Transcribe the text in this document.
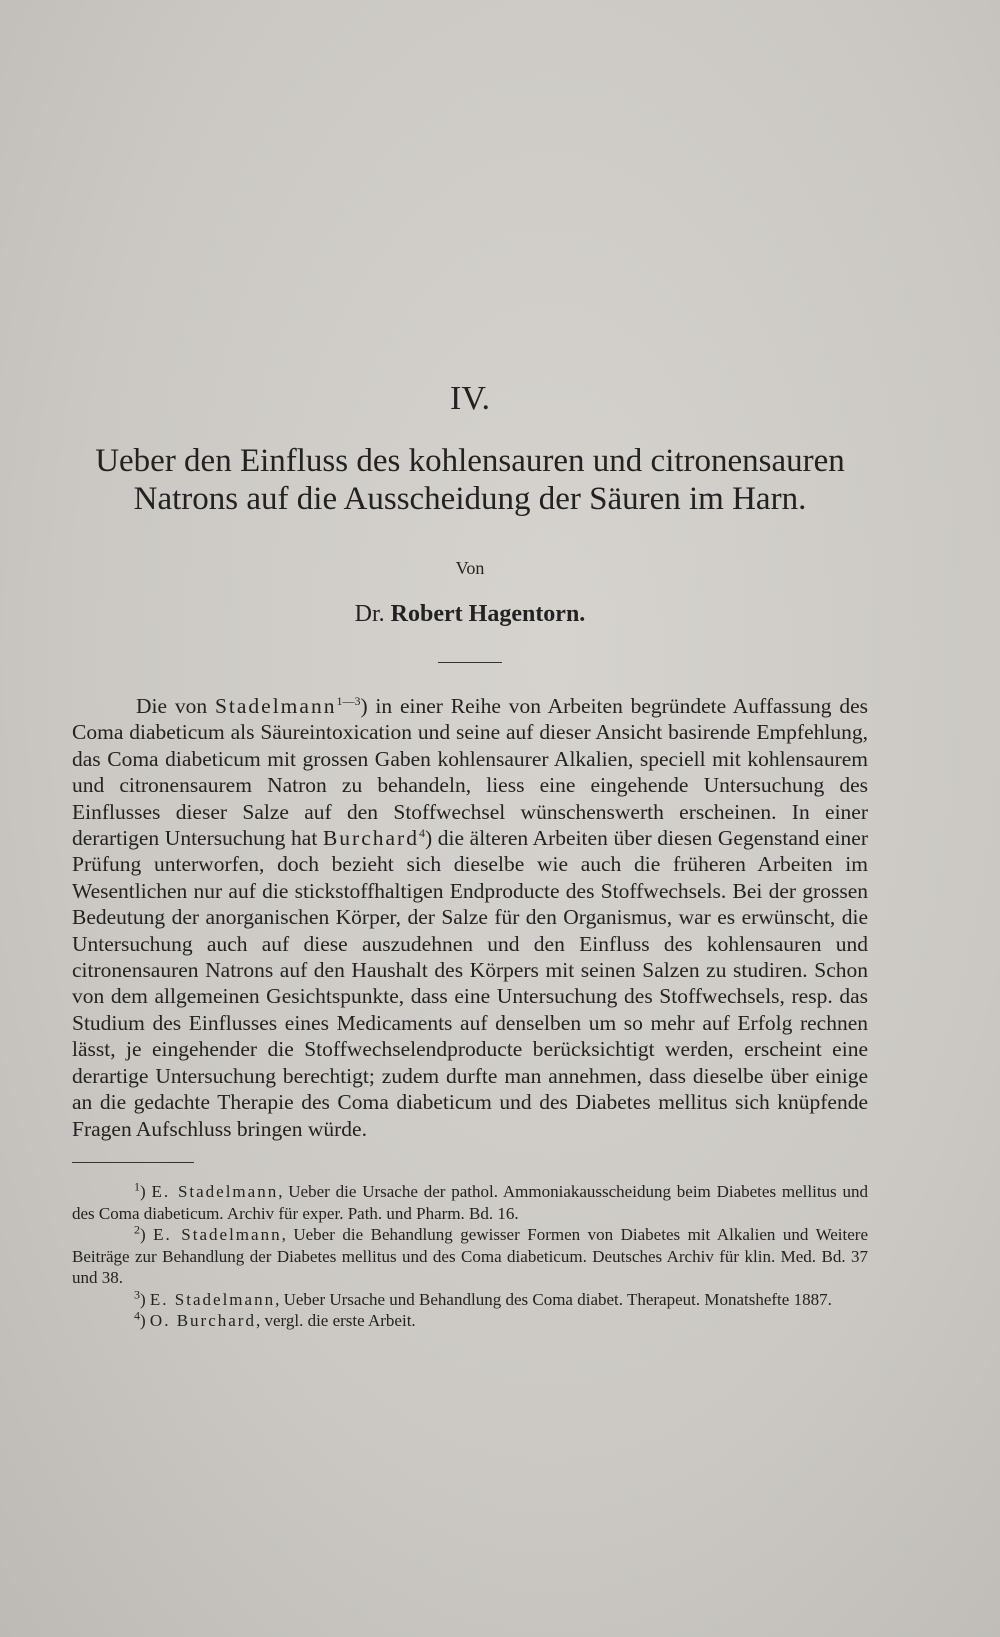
IV.
Ueber den Einfluss des kohlensauren und citronensauren
Natrons auf die Ausscheidung der Säuren im Harn.
Von
Dr. Robert Hagentorn.

Die von Stadelmann$^{1—3}$) in einer Reihe von Arbeiten begründete Auffassung des Coma diabeticum als Säureintoxication und seine auf dieser Ansicht basirende Empfehlung, das Coma diabeticum mit grossen Gaben kohlensaurer Alkalien, speciell mit kohlensaurem und citronensaurem Natron zu behandeln, liess eine eingehende Untersuchung des Einflusses dieser Salze auf den Stoffwechsel wünschenswerth erscheinen. In einer derartigen Untersuchung hat Burchard$^4$) die älteren Arbeiten über diesen Gegenstand einer Prüfung unterworfen, doch bezieht sich dieselbe wie auch die früheren Arbeiten im Wesentlichen nur auf die stickstoffhaltigen Endproducte des Stoffwechsels. Bei der grossen Bedeutung der anorganischen Körper, der Salze für den Organismus, war es erwünscht, die Untersuchung auch auf diese auszudehnen und den Einfluss des kohlensauren und citronensauren Natrons auf den Haushalt des Körpers mit seinen Salzen zu studiren. Schon von dem allgemeinen Gesichtspunkte, dass eine Untersuchung des Stoffwechsels, resp. das Studium des Einflusses eines Medicaments auf denselben um so mehr auf Erfolg rechnen lässt, je eingehender die Stoffwechselendproducte berücksichtigt werden, erscheint eine derartige Untersuchung berechtigt; zudem durfte man annehmen, dass dieselbe über einige an die gedachte Therapie des Coma diabeticum und des Diabetes mellitus sich knüpfende Fragen Aufschluss bringen würde.

$^1$) E. Stadelmann, Ueber die Ursache der pathol. Ammoniakausscheidung beim Diabetes mellitus und des Coma diabeticum. Archiv für exper. Path. und Pharm. Bd. 16.

$^2$) E. Stadelmann, Ueber die Behandlung gewisser Formen von Diabetes mit Alkalien und Weitere Beiträge zur Behandlung der Diabetes mellitus und des Coma diabeticum. Deutsches Archiv für klin. Med. Bd. 37 und 38.

$^3$) E. Stadelmann, Ueber Ursache und Behandlung des Coma diabet. Therapeut. Monatshefte 1887.

$^4$) O. Burchard, vergl. die erste Arbeit.
